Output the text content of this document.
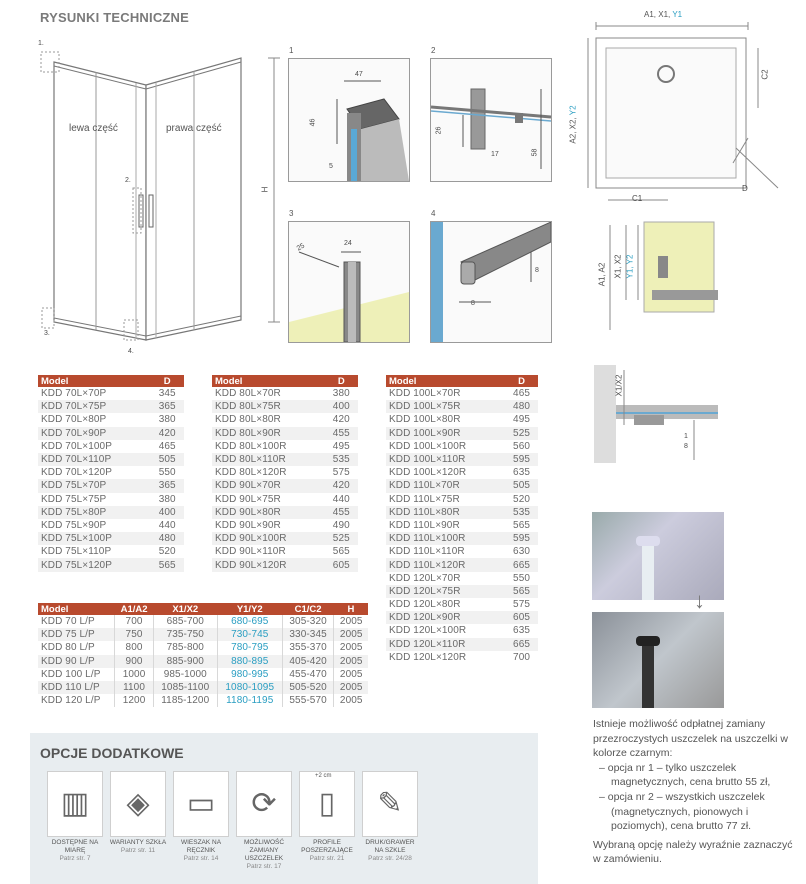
RYSUNKI TECHNICZNE
lewa część	prawa część
H
1.
2.
3.
4.
1
47
46
5
2
26
17	58
3
25	24
4
8
8
A1, X1, Y1
A2, X2, Y2
C2
C1
D
A1, A2 X1, X2 Y1, Y2
X1/X2
1
8
↓
Model	D
KDD 70L×70P	345
KDD 70L×75P	365
KDD 70L×80P	380
KDD 70L×90P	420
KDD 70L×100P	465
KDD 70L×110P	505
KDD 70L×120P	550
KDD 75L×70P	365
KDD 75L×75P	380
KDD 75L×80P	400
KDD 75L×90P	440
KDD 75L×100P	480
KDD 75L×110P	520
KDD 75L×120P	565
Model	D
KDD 80L×70R	380
KDD 80L×75R	400
KDD 80L×80R	420
KDD 80L×90R	455
KDD 80L×100R	495
KDD 80L×110R	535
KDD 80L×120R	575
KDD 90L×70R	420
KDD 90L×75R	440
KDD 90L×80R	455
KDD 90L×90R	490
KDD 90L×100R	525
KDD 90L×110R	565
KDD 90L×120R	605
Model	D
KDD 100L×70R	465
KDD 100L×75R	480
KDD 100L×80R	495
KDD 100L×90R	525
KDD 100L×100R	560
KDD 100L×110R	595
KDD 100L×120R	635
KDD 110L×70R	505
KDD 110L×75R	520
KDD 110L×80R	535
KDD 110L×90R	565
KDD 110L×100R	595
KDD 110L×110R	630
KDD 110L×120R	665
KDD 120L×70R	550
KDD 120L×75R	565
KDD 120L×80R	575
KDD 120L×90R	605
KDD 120L×100R	635
KDD 120L×110R	665
KDD 120L×120R	700
Model	A1/A2	X1/X2	Y1/Y2	C1/C2	H
KDD 70 L/P	700	685-700	680-695	305-320	2005
KDD 75 L/P	750	735-750	730-745	330-345	2005
KDD 80 L/P	800	785-800	780-795	355-370	2005
KDD 90 L/P	900	885-900	880-895	405-420	2005
KDD 100 L/P	1000	985-1000	980-995	455-470	2005
KDD 110 L/P	1100	1085-1100	1080-1095	505-520	2005
KDD 120 L/P	1200	1185-1200	1180-1195	555-570	2005
OPCJE DODATKOWE
▥
DOSTĘPNE NA MIARĘ
Patrz str. 7
◈
WARIANTY SZKŁA
Patrz str. 11
▭
WIESZAK NA RĘCZNIK
Patrz str. 14
⟳
MOŻLIWOŚĆ ZAMIANY USZCZELEK
Patrz str. 17
▯
PROFILE POSZERZAJĄCE
Patrz str. 21
✎
DRUK/GRAWER NA SZKLE
Patrz str. 24/28
+2 cm
Istnieje możliwość odpłatnej zamiany przezroczystych uszczelek na uszczelki w kolorze czarnym:
– opcja nr 1 – tylko uszczelek magnetycznych, cena brutto 55 zł,
– opcja nr 2 – wszystkich uszczelek (magnetycznych, pionowych i poziomych), cena brutto 77 zł.
Wybraną opcję należy wyraźnie zaznaczyć w zamówieniu.
